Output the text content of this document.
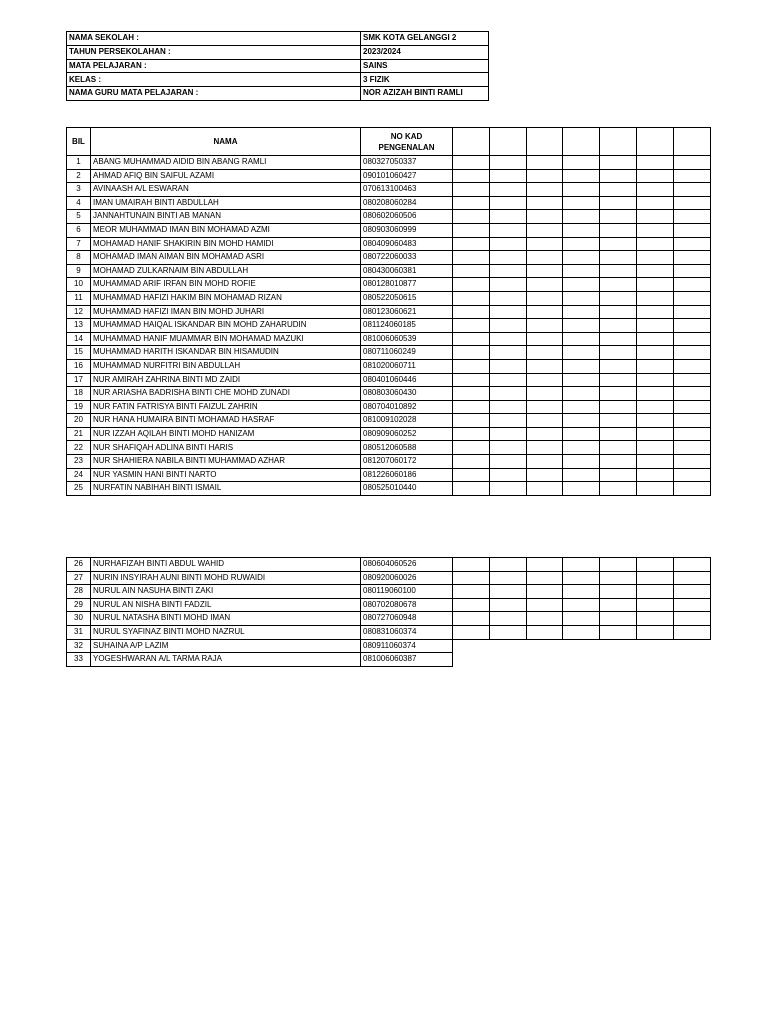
NAMA SEKOLAH :	SMK KOTA GELANGGI 2
TAHUN PERSEKOLAHAN :	2023/2024
MATA PELAJARAN :	SAINS
KELAS :	3 FIZIK
NAMA GURU MATA PELAJARAN :	NOR AZIZAH BINTI RAMLI
BIL	NAMA	NO KAD
PENGENALAN							

1	ABANG MUHAMMAD AIDID BIN ABANG RAMLI	080327050337							
2	AHMAD AFIQ BIN SAIFUL AZAMI	090101060427							
3	AVINAASH A/L ESWARAN	070613100463							
4	IMAN UMAIRAH BINTI ABDULLAH	080208060284							
5	JANNAHTUNAIN BINTI AB MANAN	080602060506							
6	MEOR MUHAMMAD IMAN BIN MOHAMAD AZMI	080903060999							
7	MOHAMAD HANIF SHAKIRIN BIN MOHD HAMIDI	080409060483							
8	MOHAMAD IMAN AIMAN BIN MOHAMAD ASRI	080722060033							
9	MOHAMAD ZULKARNAIM BIN ABDULLAH	080430060381							
10	MUHAMMAD ARIF IRFAN BIN MOHD ROFIE	080128010877							
11	MUHAMMAD HAFIZI HAKIM BIN MOHAMAD RIZAN	080522050615							
12	MUHAMMAD HAFIZI IMAN BIN MOHD JUHARI	080123060621							
13	MUHAMMAD HAIQAL ISKANDAR BIN MOHD ZAHARUDIN	081124060185							
14	MUHAMMAD HANIF MUAMMAR BIN MOHAMAD MAZUKI	081006060539							
15	MUHAMMAD HARITH ISKANDAR BIN HISAMUDIN	080711060249							
16	MUHAMMAD NURFITRI BIN ABDULLAH	081020060711							
17	NUR AMIRAH ZAHRINA BINTI MD ZAIDI	080401060446							
18	NUR ARIASHA BADRISHA BINTI CHE MOHD ZUNADI	080803060430							
19	NUR FATIN FATRISYA BINTI FAIZUL ZAHRIN	080704010892							
20	NUR HANA HUMAIRA BINTI MOHAMAD HASRAF	081009102028							
21	NUR IZZAH AQILAH BINTI MOHD HANIZAM	080909060252							
22	NUR SHAFIQAH ADLINA BINTI HARIS	080512060588							
23	NUR SHAHIERA NABILA BINTI MUHAMMAD AZHAR	081207060172							
24	NUR YASMIN HANI BINTI NARTO	081226060186							
25	NURFATIN NABIHAH BINTI ISMAIL	080525010440							
26	NURHAFIZAH BINTI ABDUL WAHID	080604060526							
27	NURIN INSYIRAH AUNI BINTI MOHD RUWAIDI	080920060026							
28	NURUL AIN NASUHA BINTI ZAKI	080119060100							
29	NURUL AN NISHA BINTI FADZIL	080702080678							
30	NURUL NATASHA BINTI MOHD IMAN	080727060948							
31	NURUL SYAFINAZ BINTI MOHD NAZRUL	080831060374							
32	SUHAINA A/P LAZIM	080911060374							
33	YOGESHWARAN A/L TARMA RAJA	081006060387							
